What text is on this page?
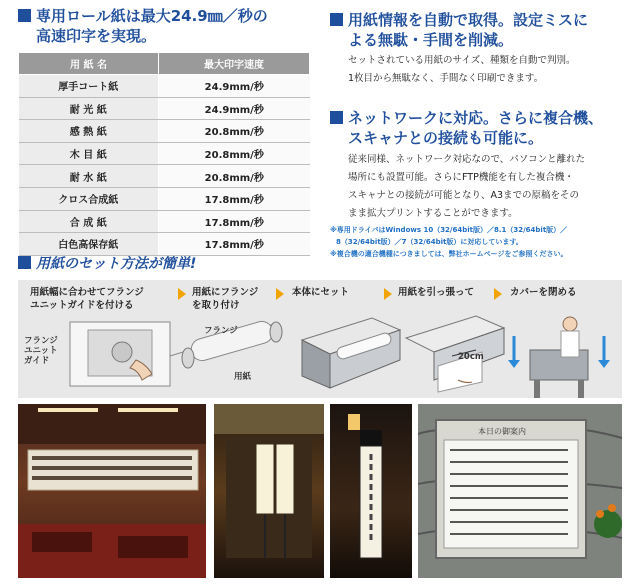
専用ロール紙は最大24.9㎜／秒の
高速印字を実現。
用 紙 名	最大印字速度
厚手コート紙	24.9mm/秒
耐 光 紙	24.9mm/秒
感 熱 紙	20.8mm/秒
木 目 紙	20.8mm/秒
耐 水 紙	20.8mm/秒
クロス合成紙	17.8mm/秒
合 成 紙	17.8mm/秒
白色高保存紙	17.8mm/秒
用紙情報を自動で取得。設定ミスに
よる無駄・手間を削減。
セットされている用紙のサイズ、種類を自動で判別。
1枚目から無駄なく、手間なく印刷できます。
ネットワークに対応。さらに複合機、
スキャナとの接続も可能に。
従来同様、ネットワーク対応なので、パソコンと離れた
場所にも設置可能。さらにFTP機能を有した複合機・
スキャナとの接続が可能となり、A3までの原稿をその
まま拡大プリントすることができます。
※専用ドライバはWindows 10（32/64bit版）／8.1（32/64bit版）／
8（32/64bit版）／7（32/64bit版）に対応しています。
※複合機の適合機種につきましては、弊社ホームページをご参照ください。
用紙のセット方法が簡単!
用紙幅に合わせてフランジ
ユニットガイドを付ける
用紙にフランジ
を取り付け
本体にセット	用紙を引っ張って	カバーを閉める
フランジ
ユニット
ガイド
フランジ
用紙
20cm
本日の御案内
